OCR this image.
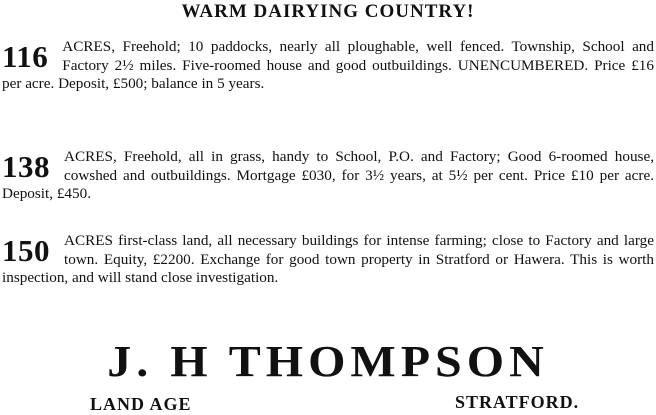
WARM DAIRYING COUNTRY!

116 ACRES, Freehold; 10 paddocks, nearly all ploughable, well fenced. Township, School and Factory 2½ miles. Five-roomed house and good outbuildings. UNENCUMBERED. Price £16 per acre. Deposit, £500; balance in 5 years.

138 ACRES, Freehold, all in grass, handy to School, P.O. and Factory; Good 6-roomed house, cowshed and outbuildings. Mortgage £030, for 3½ years, at 5½ per cent. Price £10 per acre. Deposit, £450.

150 ACRES first-class land, all necessary buildings for intense farming; close to Factory and large town. Equity, £2200. Exchange for good town property in Stratford or Hawera. This is worth inspection, and will stand close investigation.

J. H THOMPSON
LAND AGE	STRATFORD.
